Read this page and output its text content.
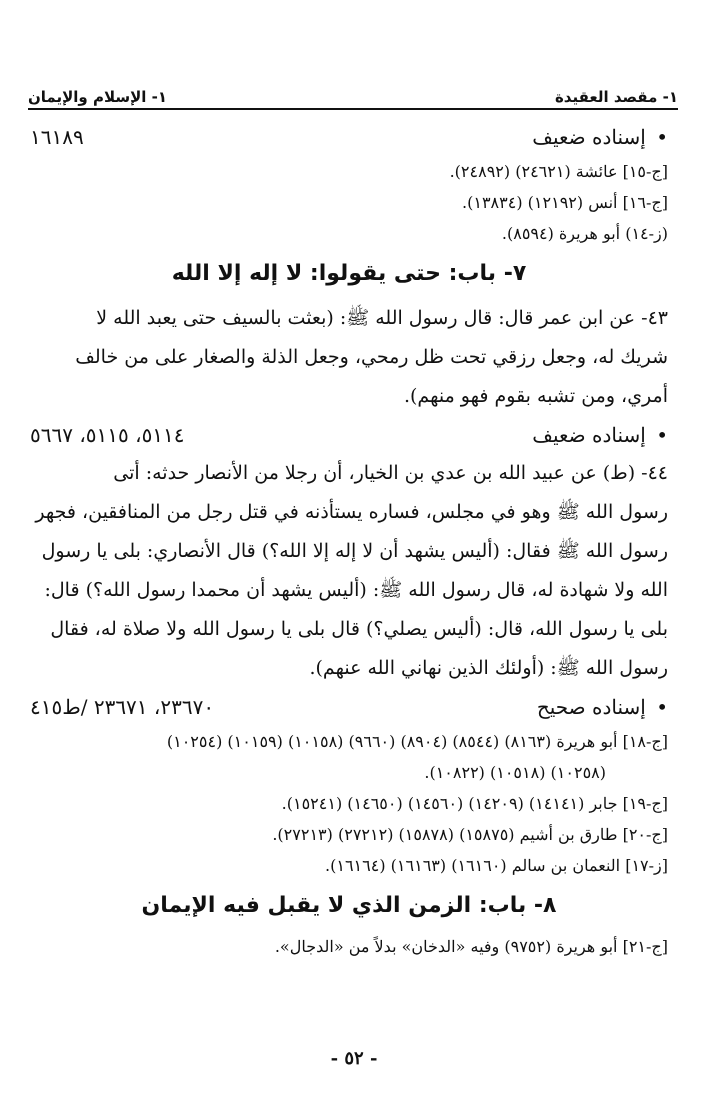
١- مقصد العقيدة
١- الإسلام والإيمان
• إسناده ضعيف
١٦١٨٩
[ج-١٥] عائشة (٢٤٦٢١) (٢٤٨٩٢).
[ج-١٦] أنس (١٢١٩٢) (١٣٨٣٤).
(ز-١٤) أبو هريرة (٨٥٩٤).
٧- باب: حتى يقولوا: لا إله إلا الله
٤٣- عن ابن عمر قال: قال رسول الله ﷺ: (بعثت بالسيف حتى يعبد الله لا
شريك له، وجعل رزقي تحت ظل رمحي، وجعل الذلة والصغار على من خالف
أمري، ومن تشبه بقوم فهو منهم).
• إسناده ضعيف
٥١١٤، ٥١١٥، ٥٦٦٧
٤٤- (ط) عن عبيد الله بن عدي بن الخيار، أن رجلا من الأنصار حدثه: أتى
رسول الله ﷺ وهو في مجلس، فساره يستأذنه في قتل رجل من المنافقين، فجهر
رسول الله ﷺ فقال: (أليس يشهد أن لا إله إلا الله؟) قال الأنصاري: بلى يا رسول
الله ولا شهادة له، قال رسول الله ﷺ: (أليس يشهد أن محمدا رسول الله؟) قال:
بلى يا رسول الله، قال: (أليس يصلي؟) قال بلى يا رسول الله ولا صلاة له، فقال
رسول الله ﷺ: (أولئك الذين نهاني الله عنهم).
• إسناده صحيح
٢٣٦٧٠، ٢٣٦٧١ /ط٤١٥
[ج-١٨] أبو هريرة (٨١٦٣) (٨٥٤٤) (٨٩٠٤) (٩٦٦٠) (١٠١٥٨) (١٠١٥٩) (١٠٢٥٤)
(١٠٢٥٨) (١٠٥١٨) (١٠٨٢٢).
[ج-١٩] جابر (١٤١٤١) (١٤٢٠٩) (١٤٥٦٠) (١٤٦٥٠) (١٥٢٤١).
[ج-٢٠] طارق بن أشيم (١٥٨٧٥) (١٥٨٧٨) (٢٧٢١٢) (٢٧٢١٣).
[ز-١٧] النعمان بن سالم (١٦١٦٠) (١٦١٦٣) (١٦١٦٤).
٨- باب: الزمن الذي لا يقبل فيه الإيمان
[ج-٢١] أبو هريرة (٩٧٥٢) وفيه «الدخان» بدلاً من «الدجال».
- ٥٢ -
